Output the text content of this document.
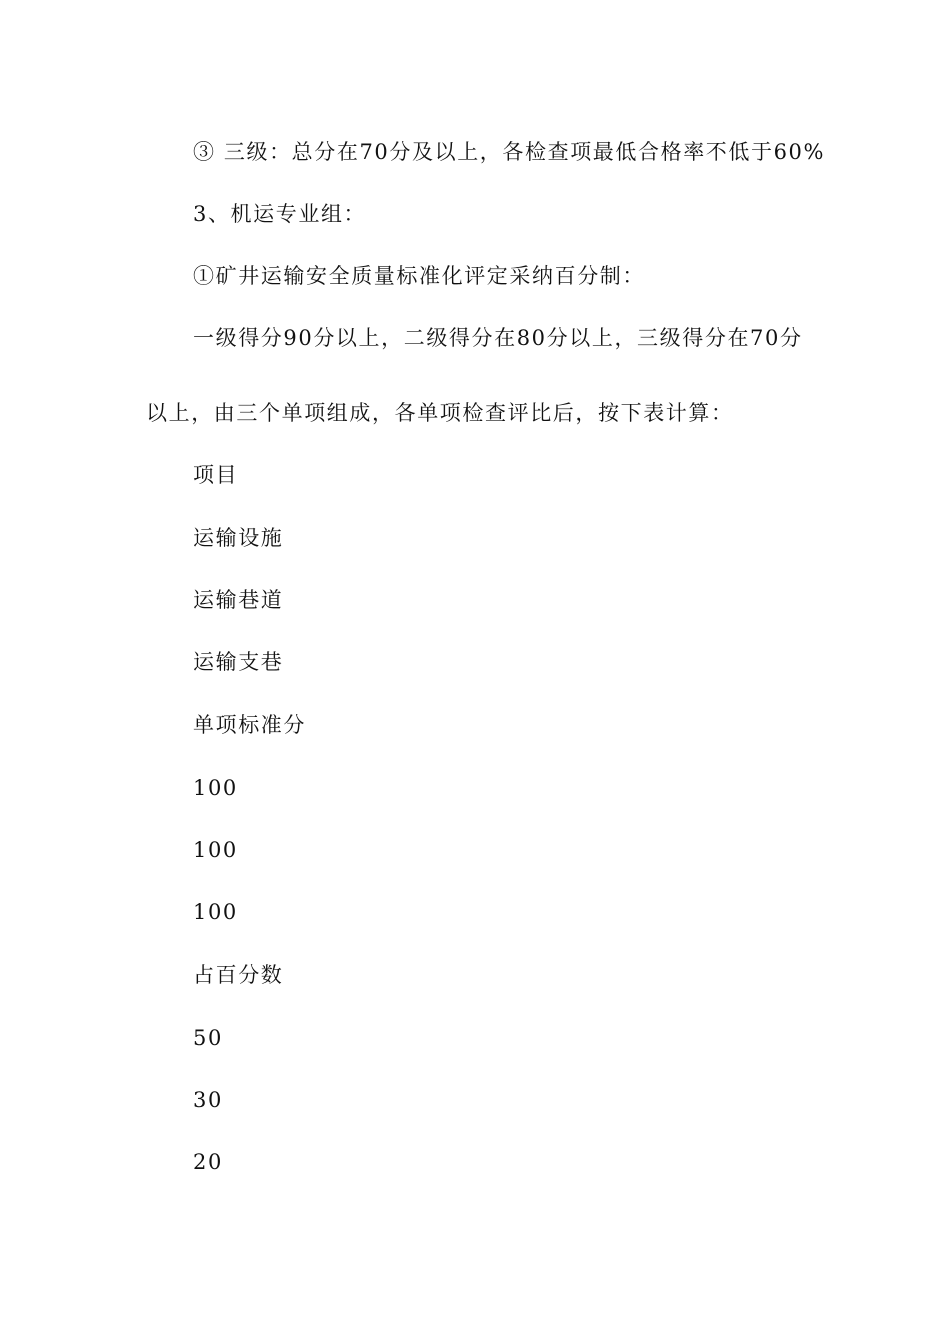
③ 三级：总分在70分及以上，各检查项最低合格率不低于60%
3、机运专业组：
①矿井运输安全质量标准化评定采纳百分制：
一级得分90分以上，二级得分在80分以上，三级得分在70分
以上，由三个单项组成，各单项检查评比后，按下表计算：
项目
运输设施
运输巷道
运输支巷
单项标准分
100
100
100
占百分数
50
30
20
